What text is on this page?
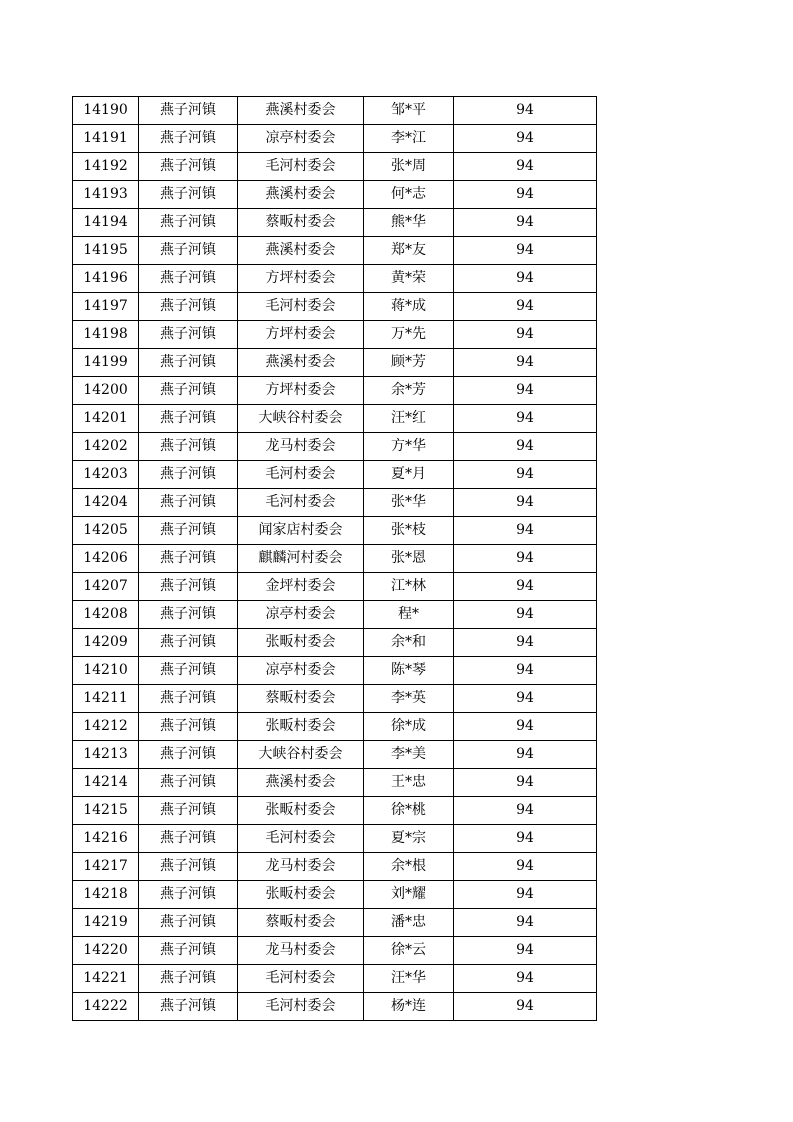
14190	燕子河镇	燕溪村委会	邹*平	94
14191	燕子河镇	凉亭村委会	李*江	94
14192	燕子河镇	毛河村委会	张*周	94
14193	燕子河镇	燕溪村委会	何*志	94
14194	燕子河镇	蔡畈村委会	熊*华	94
14195	燕子河镇	燕溪村委会	郑*友	94
14196	燕子河镇	方坪村委会	黄*荣	94
14197	燕子河镇	毛河村委会	蒋*成	94
14198	燕子河镇	方坪村委会	万*先	94
14199	燕子河镇	燕溪村委会	顾*芳	94
14200	燕子河镇	方坪村委会	余*芳	94
14201	燕子河镇	大峡谷村委会	汪*红	94
14202	燕子河镇	龙马村委会	方*华	94
14203	燕子河镇	毛河村委会	夏*月	94
14204	燕子河镇	毛河村委会	张*华	94
14205	燕子河镇	闻家店村委会	张*枝	94
14206	燕子河镇	麒麟河村委会	张*恩	94
14207	燕子河镇	金坪村委会	江*林	94
14208	燕子河镇	凉亭村委会	程*	94
14209	燕子河镇	张畈村委会	余*和	94
14210	燕子河镇	凉亭村委会	陈*琴	94
14211	燕子河镇	蔡畈村委会	李*英	94
14212	燕子河镇	张畈村委会	徐*成	94
14213	燕子河镇	大峡谷村委会	李*美	94
14214	燕子河镇	燕溪村委会	王*忠	94
14215	燕子河镇	张畈村委会	徐*桃	94
14216	燕子河镇	毛河村委会	夏*宗	94
14217	燕子河镇	龙马村委会	余*根	94
14218	燕子河镇	张畈村委会	刘*耀	94
14219	燕子河镇	蔡畈村委会	潘*忠	94
14220	燕子河镇	龙马村委会	徐*云	94
14221	燕子河镇	毛河村委会	汪*华	94
14222	燕子河镇	毛河村委会	杨*连	94
